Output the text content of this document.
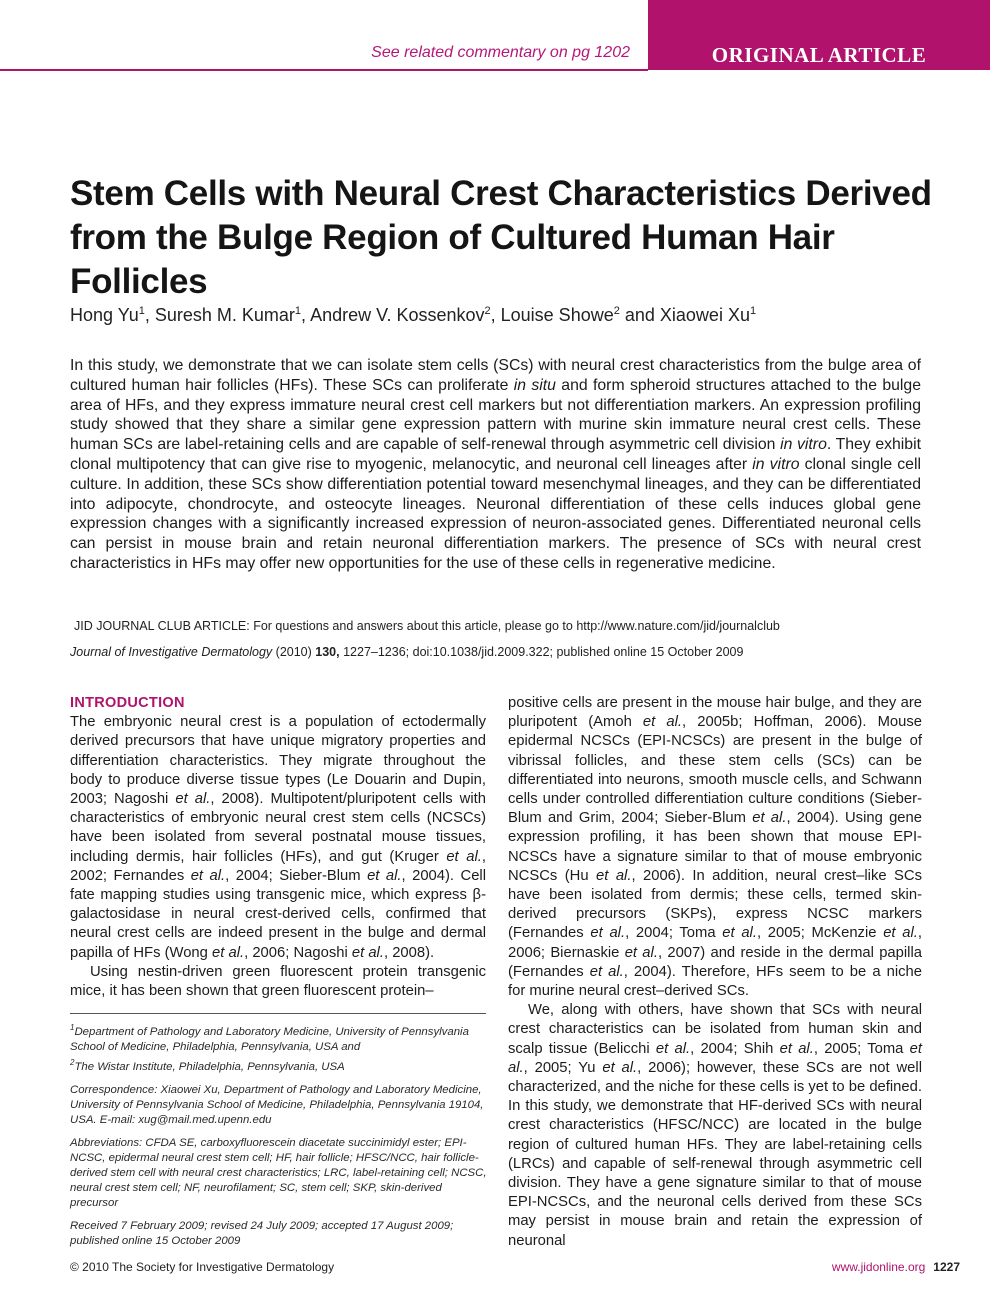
See related commentary on pg 1202	ORIGINAL ARTICLE
Stem Cells with Neural Crest Characteristics Derived from the Bulge Region of Cultured Human Hair Follicles
Hong Yu$^1$, Suresh M. Kumar$^1$, Andrew V. Kossenkov$^2$, Louise Showe$^2$ and Xiaowei Xu$^1$
In this study, we demonstrate that we can isolate stem cells (SCs) with neural crest characteristics from the bulge area of cultured human hair follicles (HFs). These SCs can proliferate in situ and form spheroid structures attached to the bulge area of HFs, and they express immature neural crest cell markers but not differentiation markers. An expression profiling study showed that they share a similar gene expression pattern with murine skin immature neural crest cells. These human SCs are label-retaining cells and are capable of self-renewal through asymmetric cell division in vitro. They exhibit clonal multipotency that can give rise to myogenic, melanocytic, and neuronal cell lineages after in vitro clonal single cell culture. In addition, these SCs show differentiation potential toward mesenchymal lineages, and they can be differentiated into adipocyte, chondrocyte, and osteocyte lineages. Neuronal differentiation of these cells induces global gene expression changes with a significantly increased expression of neuron-associated genes. Differentiated neuronal cells can persist in mouse brain and retain neuronal differentiation markers. The presence of SCs with neural crest characteristics in HFs may offer new opportunities for the use of these cells in regenerative medicine.
JID JOURNAL CLUB ARTICLE: For questions and answers about this article, please go to http://www.nature.com/jid/journalclub
Journal of Investigative Dermatology (2010) 130, 1227–1236; doi:10.1038/jid.2009.322; published online 15 October 2009
INTRODUCTION

The embryonic neural crest is a population of ectodermally derived precursors that have unique migratory properties and differentiation characteristics. They migrate throughout the body to produce diverse tissue types (Le Douarin and Dupin, 2003; Nagoshi et al., 2008). Multipotent/pluripotent cells with characteristics of embryonic neural crest stem cells (NCSCs) have been isolated from several postnatal mouse tissues, including dermis, hair follicles (HFs), and gut (Kruger et al., 2002; Fernandes et al., 2004; Sieber-Blum et al., 2004). Cell fate mapping studies using transgenic mice, which express β-galactosidase in neural crest-derived cells, confirmed that neural crest cells are indeed present in the bulge and dermal papilla of HFs (Wong et al., 2006; Nagoshi et al., 2008).

Using nestin-driven green fluorescent protein transgenic mice, it has been shown that green fluorescent protein–

$^1$Department of Pathology and Laboratory Medicine, University of Pennsylvania School of Medicine, Philadelphia, Pennsylvania, USA and
$^2$The Wistar Institute, Philadelphia, Pennsylvania, USA

Correspondence: Xiaowei Xu, Department of Pathology and Laboratory Medicine, University of Pennsylvania School of Medicine, Philadelphia, Pennsylvania 19104, USA. E-mail: xug@mail.med.upenn.edu

Abbreviations: CFDA SE, carboxyfluorescein diacetate succinimidyl ester; EPI-NCSC, epidermal neural crest stem cell; HF, hair follicle; HFSC/NCC, hair follicle-derived stem cell with neural crest characteristics; LRC, label-retaining cell; NCSC, neural crest stem cell; NF, neurofilament; SC, stem cell; SKP, skin-derived precursor

Received 7 February 2009; revised 24 July 2009; accepted 17 August 2009; published online 15 October 2009

positive cells are present in the mouse hair bulge, and they are pluripotent (Amoh et al., 2005b; Hoffman, 2006). Mouse epidermal NCSCs (EPI-NCSCs) are present in the bulge of vibrissal follicles, and these stem cells (SCs) can be differentiated into neurons, smooth muscle cells, and Schwann cells under controlled differentiation culture conditions (Sieber-Blum and Grim, 2004; Sieber-Blum et al., 2004). Using gene expression profiling, it has been shown that mouse EPI-NCSCs have a signature similar to that of mouse embryonic NCSCs (Hu et al., 2006). In addition, neural crest–like SCs have been isolated from dermis; these cells, termed skin-derived precursors (SKPs), express NCSC markers (Fernandes et al., 2004; Toma et al., 2005; McKenzie et al., 2006; Biernaskie et al., 2007) and reside in the dermal papilla (Fernandes et al., 2004). Therefore, HFs seem to be a niche for murine neural crest–derived SCs.

We, along with others, have shown that SCs with neural crest characteristics can be isolated from human skin and scalp tissue (Belicchi et al., 2004; Shih et al., 2005; Toma et al., 2005; Yu et al., 2006); however, these SCs are not well characterized, and the niche for these cells is yet to be defined. In this study, we demonstrate that HF-derived SCs with neural crest characteristics (HFSC/NCC) are located in the bulge region of cultured human HFs. They are label-retaining cells (LRCs) and capable of self-renewal through asymmetric cell division. They have a gene signature similar to that of mouse EPI-NCSCs, and the neuronal cells derived from these SCs may persist in mouse brain and retain the expression of neuronal

© 2010 The Society for Investigative Dermatology	www.jidonline.org 1227
